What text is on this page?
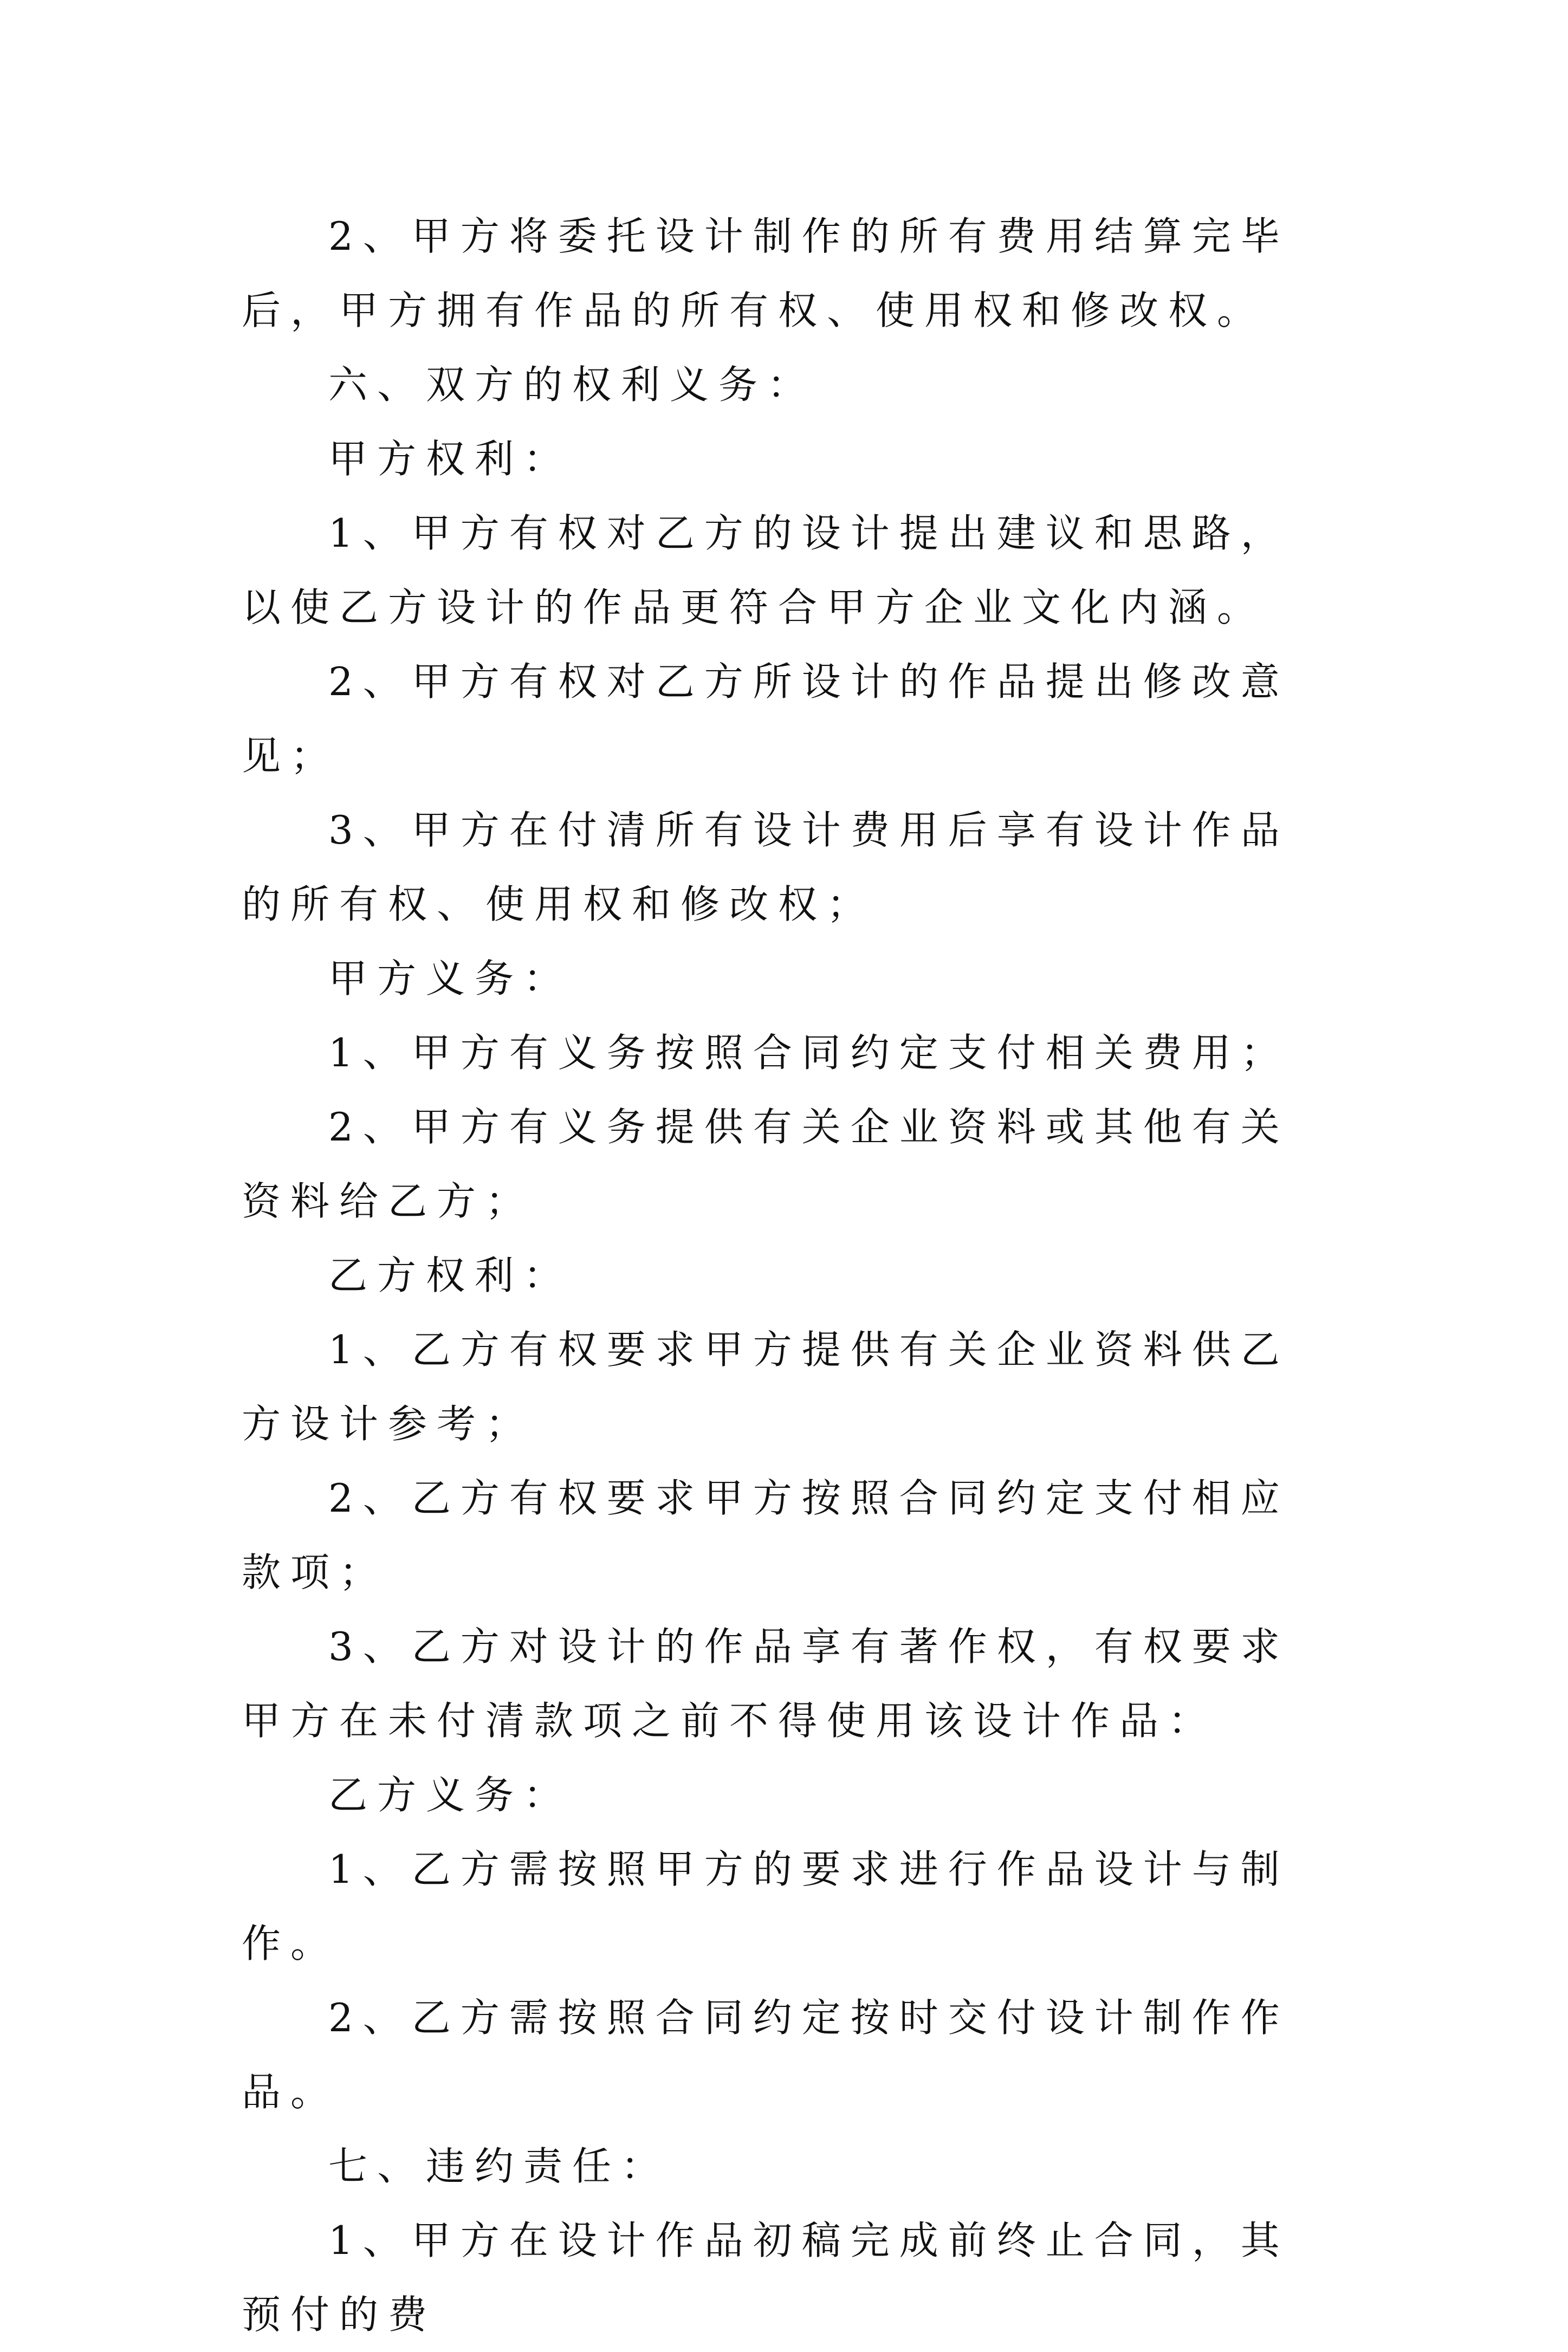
2、甲方将委托设计制作的所有费用结算完毕后，甲方拥有作品的所有权、使用权和修改权。

六、双方的权利义务：

甲方权利：

1、甲方有权对乙方的设计提出建议和思路，以使乙方设计的作品更符合甲方企业文化内涵。

2、甲方有权对乙方所设计的作品提出修改意见；

3、甲方在付清所有设计费用后享有设计作品的所有权、使用权和修改权；

甲方义务：

1、甲方有义务按照合同约定支付相关费用；

2、甲方有义务提供有关企业资料或其他有关资料给乙方；

乙方权利：

1、乙方有权要求甲方提供有关企业资料供乙方设计参考；

2、乙方有权要求甲方按照合同约定支付相应款项；

3、乙方对设计的作品享有著作权，有权要求甲方在未付清款项之前不得使用该设计作品：

乙方义务：

1、乙方需按照甲方的要求进行作品设计与制作。

2、乙方需按照合同约定按时交付设计制作作品。

七、违约责任：

1、甲方在设计作品初稿完成前终止合同，其预付的费
